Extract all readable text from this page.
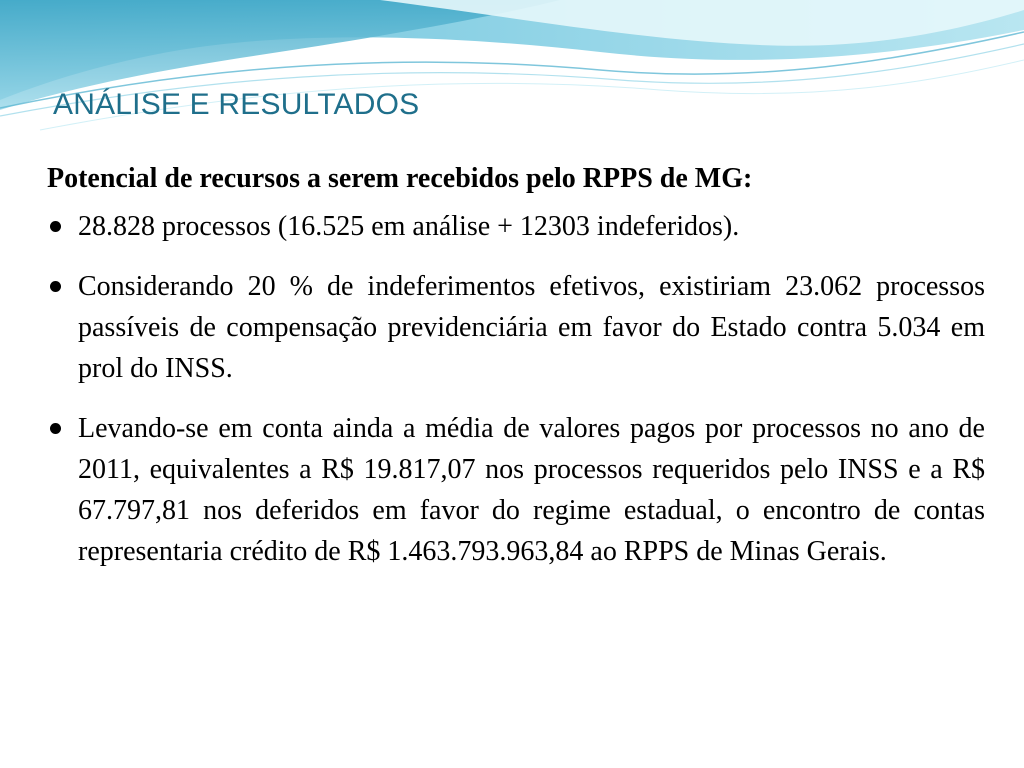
ANÁLISE E RESULTADOS

Potencial de recursos a serem recebidos pelo RPPS de MG:

28.828 processos (16.525 em análise + 12303 indeferidos).
Considerando 20 % de indeferimentos efetivos, existiriam 23.062 processos passíveis de compensação previdenciária em favor do Estado contra 5.034 em prol do INSS.
Levando-se em conta ainda a média de valores pagos por processos no ano de 2011, equivalentes a R$ 19.817,07 nos processos requeridos pelo INSS e a R$ 67.797,81 nos deferidos em favor do regime estadual, o encontro de contas representaria crédito de R$ 1.463.793.963,84 ao RPPS de Minas Gerais.
